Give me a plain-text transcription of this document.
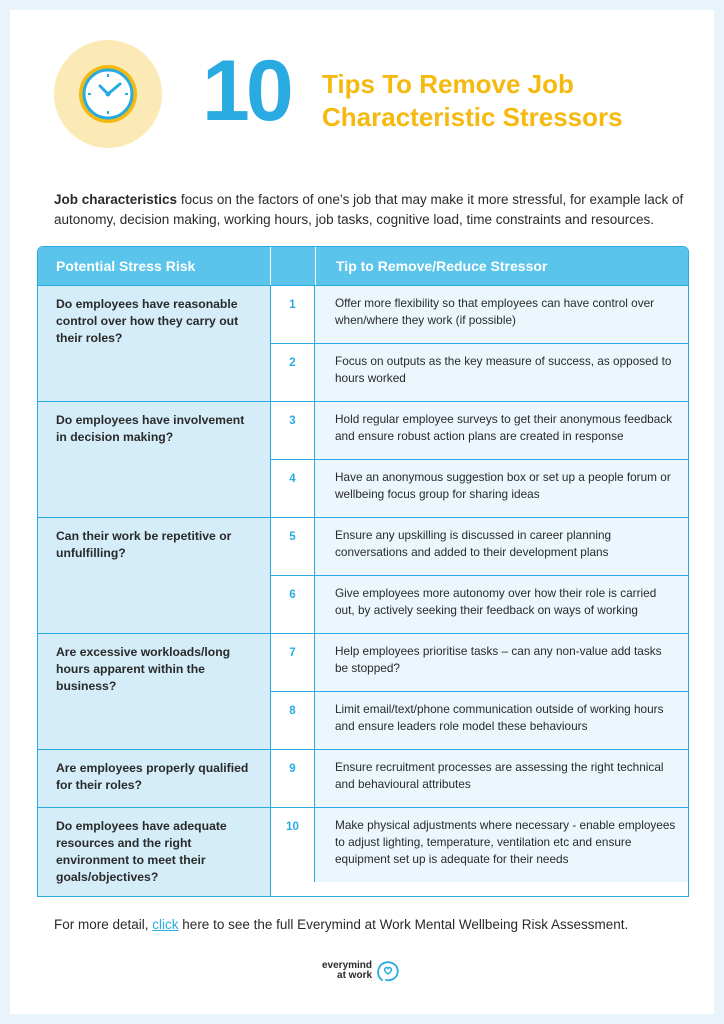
10 Tips To Remove Job Characteristic Stressors

Job characteristics focus on the factors of one’s job that may make it more stressful, for example lack of autonomy, decision making, working hours, job tasks, cognitive load, time constraints and resources.

Potential Stress Risk	Tip to Remove/Reduce Stressor
Do employees have reasonable control over how they carry out their roles?
1	Offer more flexibility so that employees can have control over when/where they work (if possible)
2	Focus on outputs as the key measure of success, as opposed to hours worked
Do employees have involvement in decision making?
3	Hold regular employee surveys to get their anonymous feedback and ensure robust action plans are created in response
4	Have an anonymous suggestion box or set up a people forum or wellbeing focus group for sharing ideas
Can their work be repetitive or unfulfilling?
5	Ensure any upskilling is discussed in career planning conversations and added to their development plans
6	Give employees more autonomy over how their role is carried out, by actively seeking their feedback on ways of working
Are excessive workloads/long hours apparent within the business?
7	Help employees prioritise tasks – can any non-value add tasks be stopped?
8	Limit email/text/phone communication outside of working hours and ensure leaders role model these behaviours
Are employees properly qualified for their roles?
9	Ensure recruitment processes are assessing the right technical and behavioural attributes
Do employees have adequate resources and the right environment to meet their goals/objectives?
10	Make physical adjustments where necessary - enable employees to adjust lighting, temperature, ventilation etc and ensure equipment set up is adequate for their needs

For more detail, click here to see the full Everymind at Work Mental Wellbeing Risk Assessment.

everymind
at work
